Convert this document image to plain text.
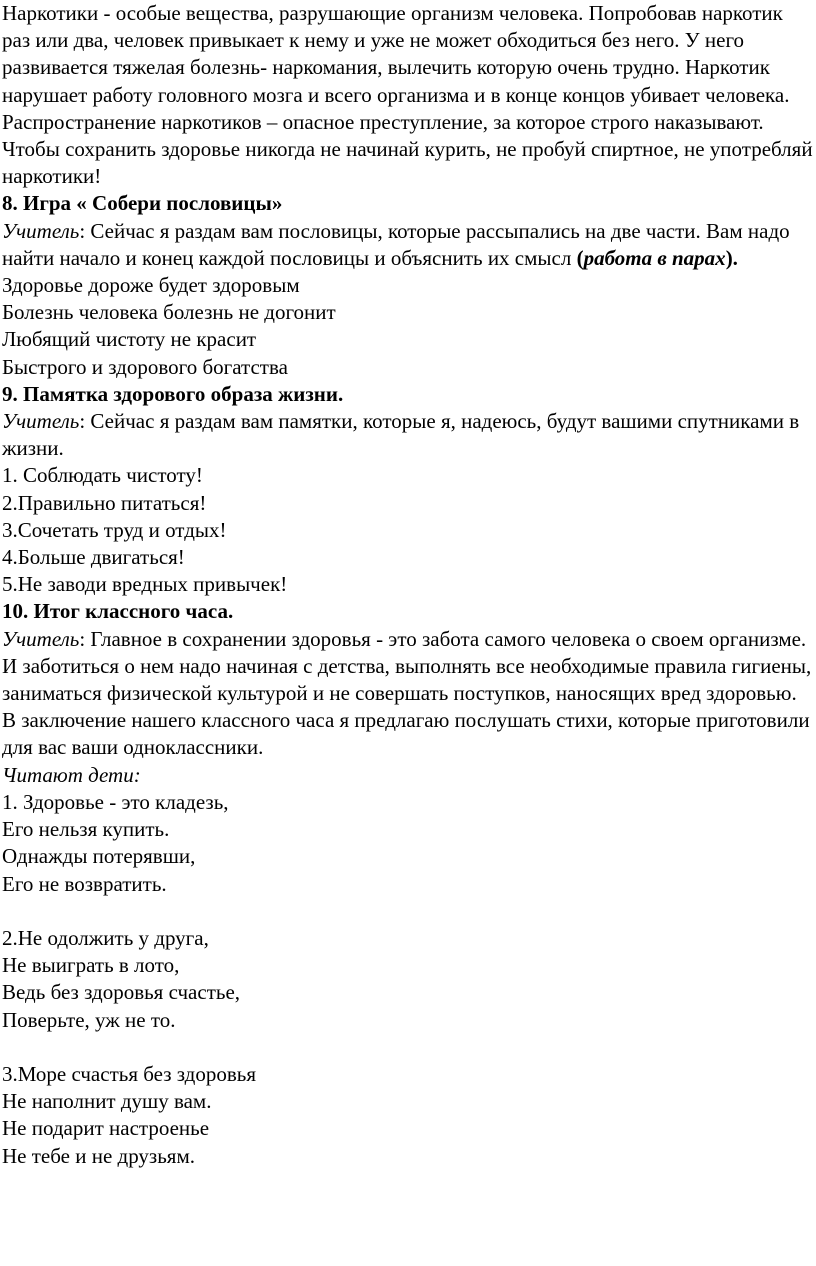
Наркотики - особые вещества, разрушающие организм человека. Попробовав наркотик раз или два, человек привыкает к нему и уже не может обходиться без него. У него развивается тяжелая болезнь- наркомания, вылечить которую очень трудно. Наркотик нарушает работу головного мозга и всего организма и в конце концов убивает человека. Распространение наркотиков – опасное преступление, за которое строго наказывают.

Чтобы сохранить здоровье никогда не начинай курить, не пробуй спиртное, не употребляй наркотики!

8. Игра « Собери пословицы»

Учитель: Сейчас я раздам вам пословицы, которые рассыпались на две части. Вам надо найти начало и конец каждой пословицы и объяснить их смысл (работа в парах).

Здоровье дороже будет здоровым

Болезнь человека болезнь не догонит

Любящий чистоту не красит

Быстрого и здорового богатства

9. Памятка здорового образа жизни.

Учитель: Сейчас я раздам вам памятки, которые я, надеюсь, будут вашими спутниками в жизни.

1. Соблюдать чистоту!

2.Правильно питаться!

3.Сочетать труд и отдых!

4.Больше двигаться!

5.Не заводи вредных привычек!

10. Итог классного часа.

Учитель: Главное в сохранении здоровья - это забота самого человека о своем организме. И заботиться о нем надо начиная с детства, выполнять все необходимые правила гигиены, заниматься физической культурой и не совершать поступков, наносящих вред здоровью.

В заключение нашего классного часа я предлагаю послушать стихи, которые приготовили для вас ваши одноклассники.

Читают дети:

1. Здоровье - это кладезь,

Его нельзя купить.

Однажды потерявши,

Его не возвратить.

2.Не одолжить у друга,

Не выиграть в лото,

Ведь без здоровья счастье,

Поверьте, уж не то.

3.Море счастья без здоровья

Не наполнит душу вам.

Не подарит настроенье

Не тебе и не друзьям.
